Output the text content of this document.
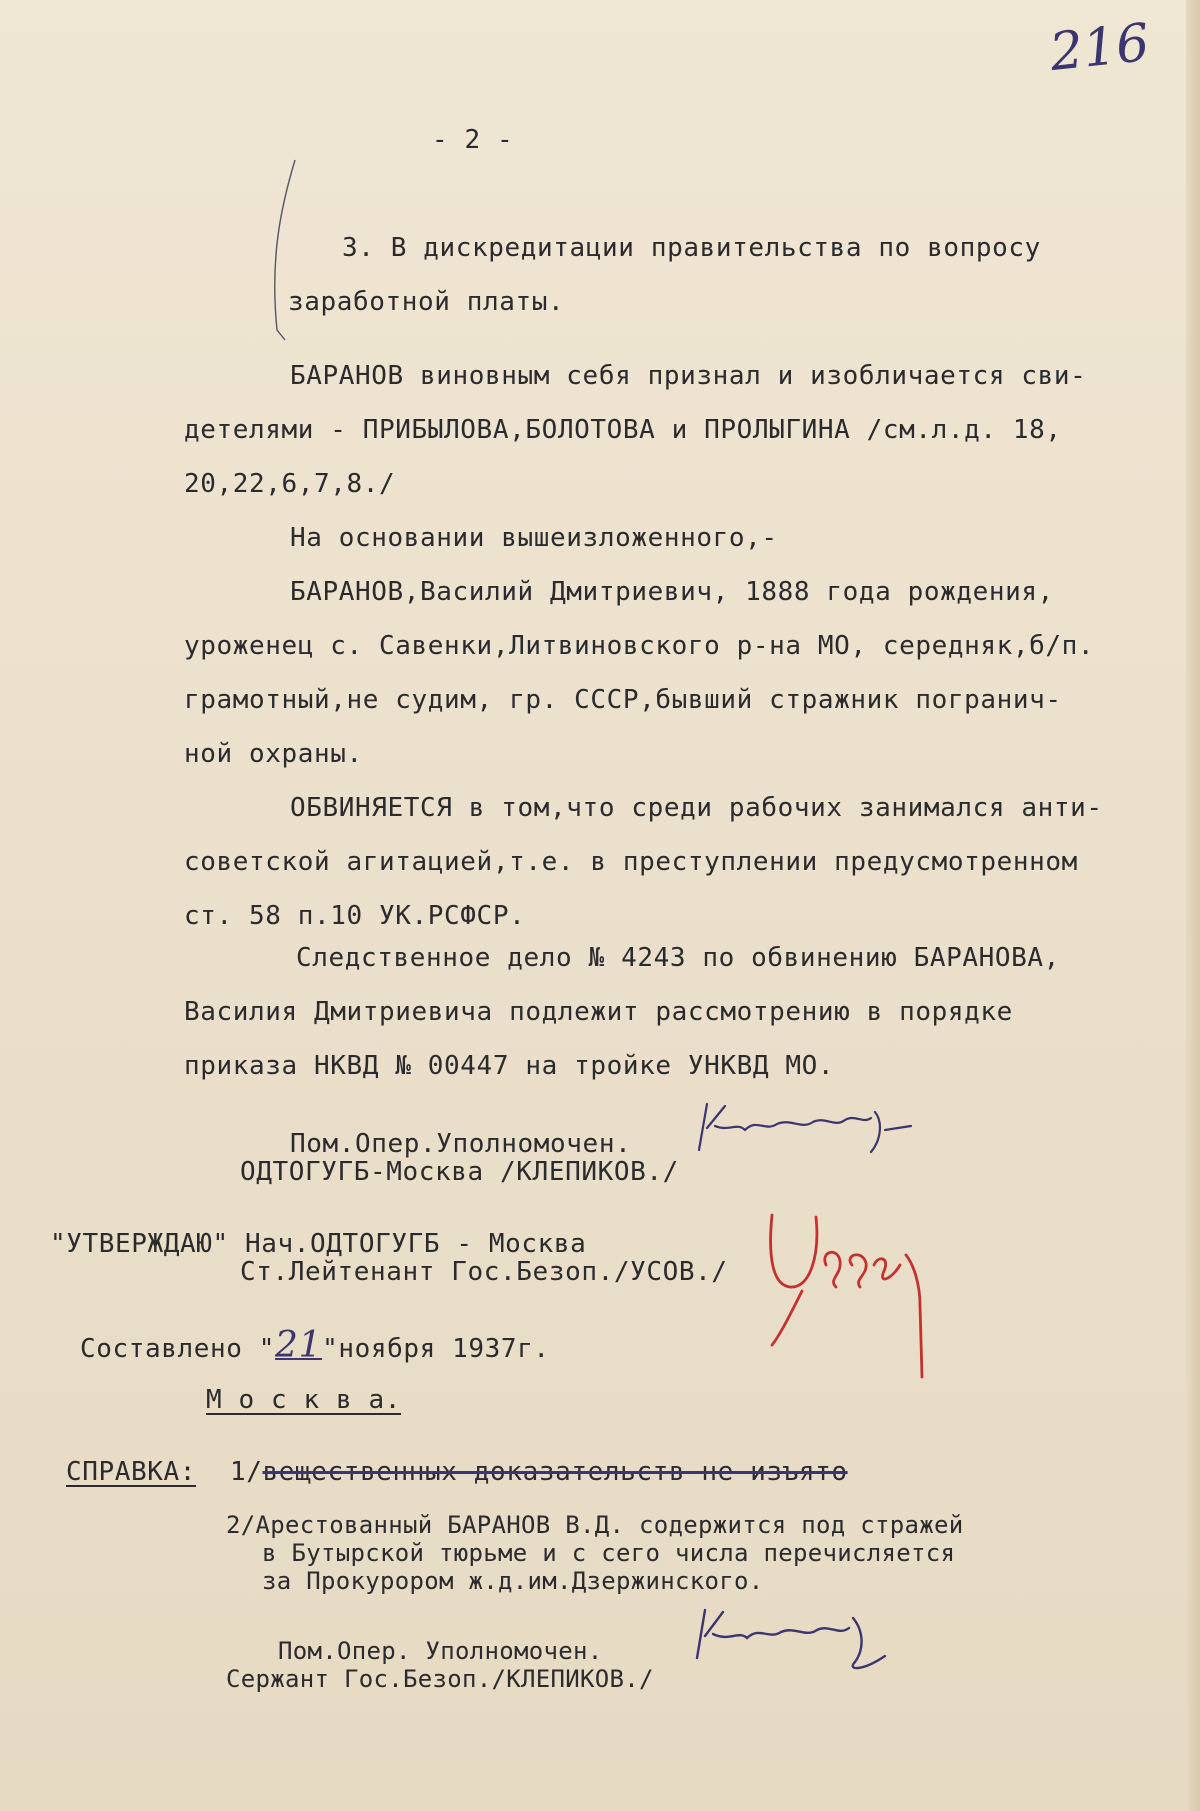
216
- 2 -
3. В дискредитации правительства по вопросу
заработной платы.
БАРАНОВ виновным себя признал и изобличается сви-
детелями - ПРИБЫЛОВА,БОЛОТОВА и ПРОЛЫГИНА /см.л.д. 18,
20,22,6,7,8./
На основании вышеизложенного,-
БАРАНОВ,Василий Дмитриевич, 1888 года рождения,
уроженец с. Савенки,Литвиновского р-на МО, середняк,б/п.
грамотный,не судим, гр. СССР,бывший стражник погранич-
ной охраны.
ОБВИНЯЕТСЯ в том,что среди рабочих занимался анти-
советской агитацией,т.е. в преступлении предусмотренном
ст. 58 п.10 УК.РСФСР.
Следственное дело № 4243 по обвинению БАРАНОВА,
Василия Дмитриевича подлежит рассмотрению в порядке
приказа НКВД № 00447 на тройке УНКВД МО.
Пом.Опер.Уполномочен.
ОДТОГУГБ-Москва /КЛЕПИКОВ./
"УТВЕРЖДАЮ" Нач.ОДТОГУГБ - Москва
Ст.Лейтенант Гос.Безоп./УСОВ./
Составлено "21"ноября 1937г.
М о с к в а.
СПРАВКА: 1/вещественных доказательств не изъято
2/Арестованный БАРАНОВ В.Д. содержится под стражей
в Бутырской тюрьме и с сего числа перечисляется
за Прокурором ж.д.им.Дзержинского.
Пом.Опер. Уполномочен.
Сержант Гос.Безоп./КЛЕПИКОВ./
